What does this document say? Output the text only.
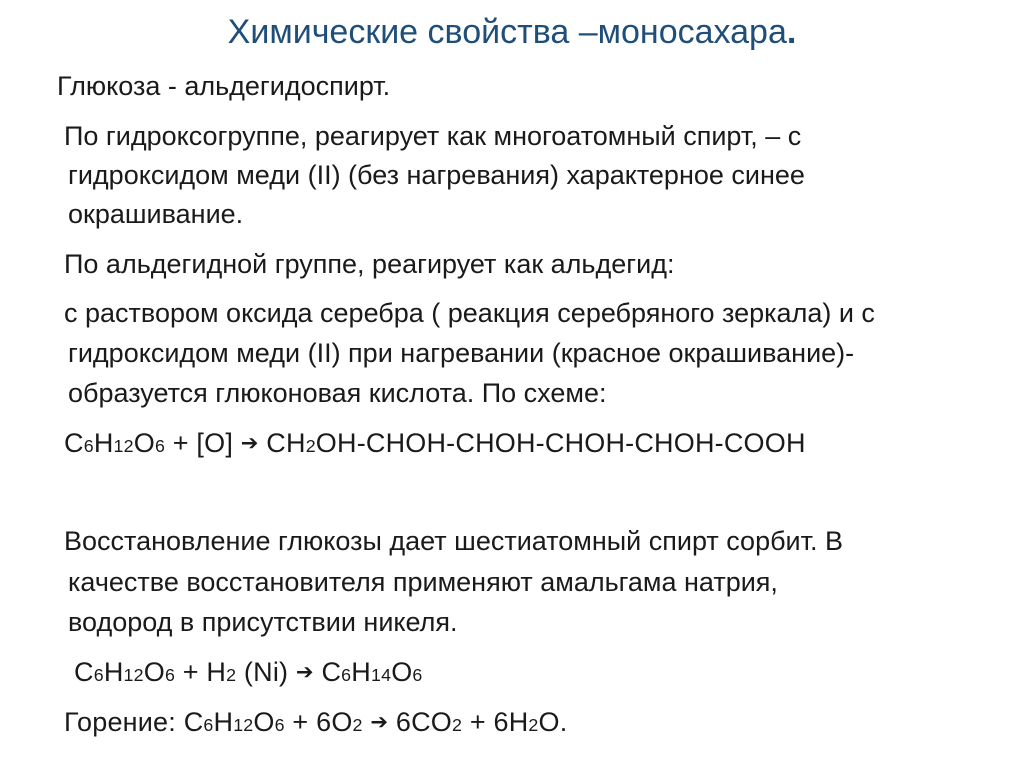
Химические свойства –моносахара.
Глюкоза - альдегидоспирт.
По гидроксогруппе, реагирует как многоатомный спирт, – с
гидроксидом меди (II) (без нагревания) характерное синее
окрашивание.
По альдегидной группе, реагирует как альдегид:
с раствором оксида серебра ( реакция серебряного зеркала) и с
гидроксидом меди (II) при нагревании (красное окрашивание)-
образуется глюконовая кислота. По схеме:
C6H12O6 + [O] ➔ CH2OH-CHOH-CHOH-CHOH-CHOH-COOH
Восстановление глюкозы дает шестиатомный спирт сорбит. В
качестве восстановителя применяют амальгама натрия,
водород в присутствии никеля.
C6H12O6 + H2 (Ni) ➔ C6H14O6
Горение: C6H12O6 + 6O2 ➔ 6CO2 + 6H2O.
